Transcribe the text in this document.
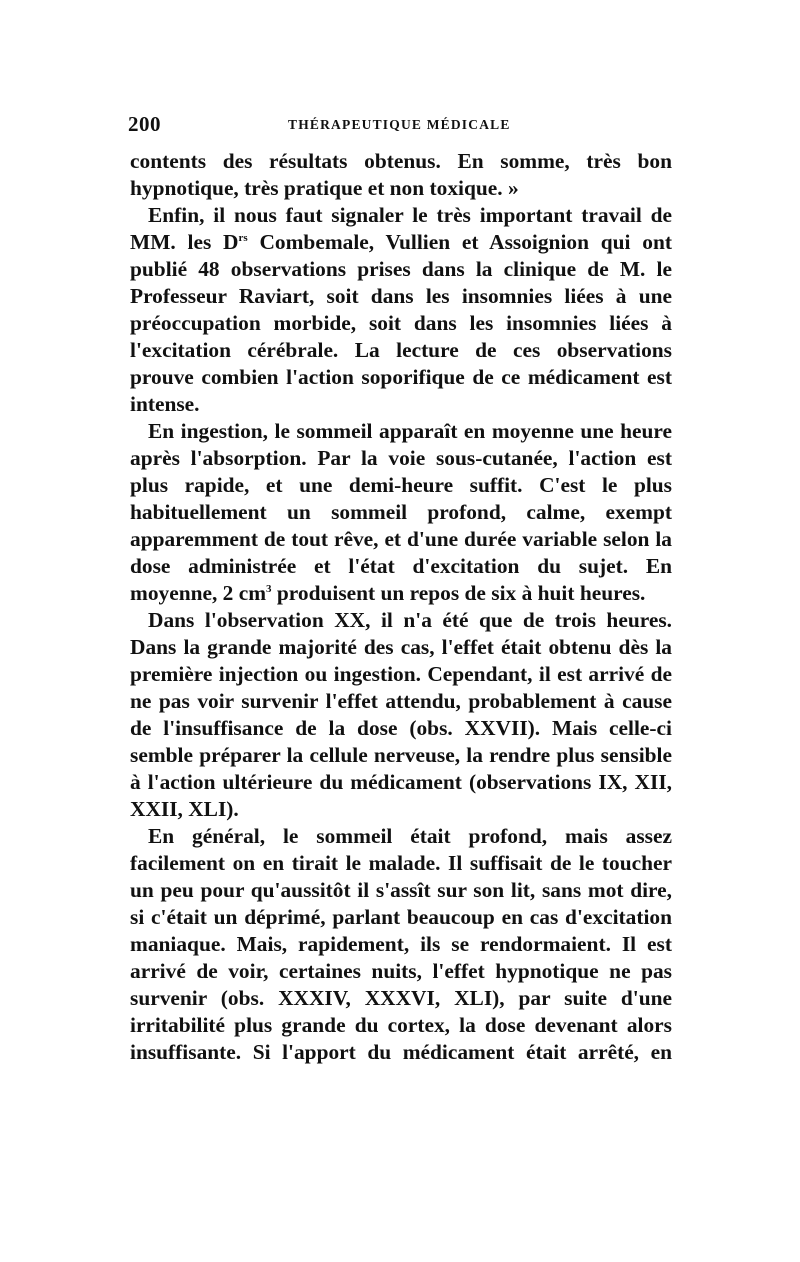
200	THÉRAPEUTIQUE MÉDICALE

contents des résultats obtenus. En somme, très bon hypnotique, très pratique et non toxique. »

Enfin, il nous faut signaler le très important travail de MM. les $D^{rs}$ Combemale, Vullien et Assoignion qui ont publié 48 observations prises dans la clinique de M. le Professeur Raviart, soit dans les insomnies liées à une préoccupation morbide, soit dans les insomnies liées à l'excitation cérébrale. La lecture de ces observations prouve combien l'action soporifique de ce médicament est intense.

En ingestion, le sommeil apparaît en moyenne une heure après l'absorption. Par la voie sous-cutanée, l'action est plus rapide, et une demi-heure suffit. C'est le plus habituellement un sommeil profond, calme, exempt apparemment de tout rêve, et d'une durée variable selon la dose administrée et l'état d'excitation du sujet. En moyenne, 2 $cm^3$ produisent un repos de six à huit heures.

Dans l'observation XX, il n'a été que de trois heures. Dans la grande majorité des cas, l'effet était obtenu dès la première injection ou ingestion. Cependant, il est arrivé de ne pas voir survenir l'effet attendu, probablement à cause de l'insuffisance de la dose (obs. XXVII). Mais celle-ci semble préparer la cellule nerveuse, la rendre plus sensible à l'action ultérieure du médicament (observations IX, XII, XXII, XLI).

En général, le sommeil était profond, mais assez facilement on en tirait le malade. Il suffisait de le toucher un peu pour qu'aussitôt il s'assît sur son lit, sans mot dire, si c'était un déprimé, parlant beaucoup en cas d'excitation maniaque. Mais, rapidement, ils se rendormaient. Il est arrivé de voir, certaines nuits, l'effet hypnotique ne pas survenir (obs. XXXIV, XXXVI, XLI), par suite d'une irritabilité plus grande du cortex, la dose devenant alors insuffisante. Si l'apport du médicament était arrêté, en
